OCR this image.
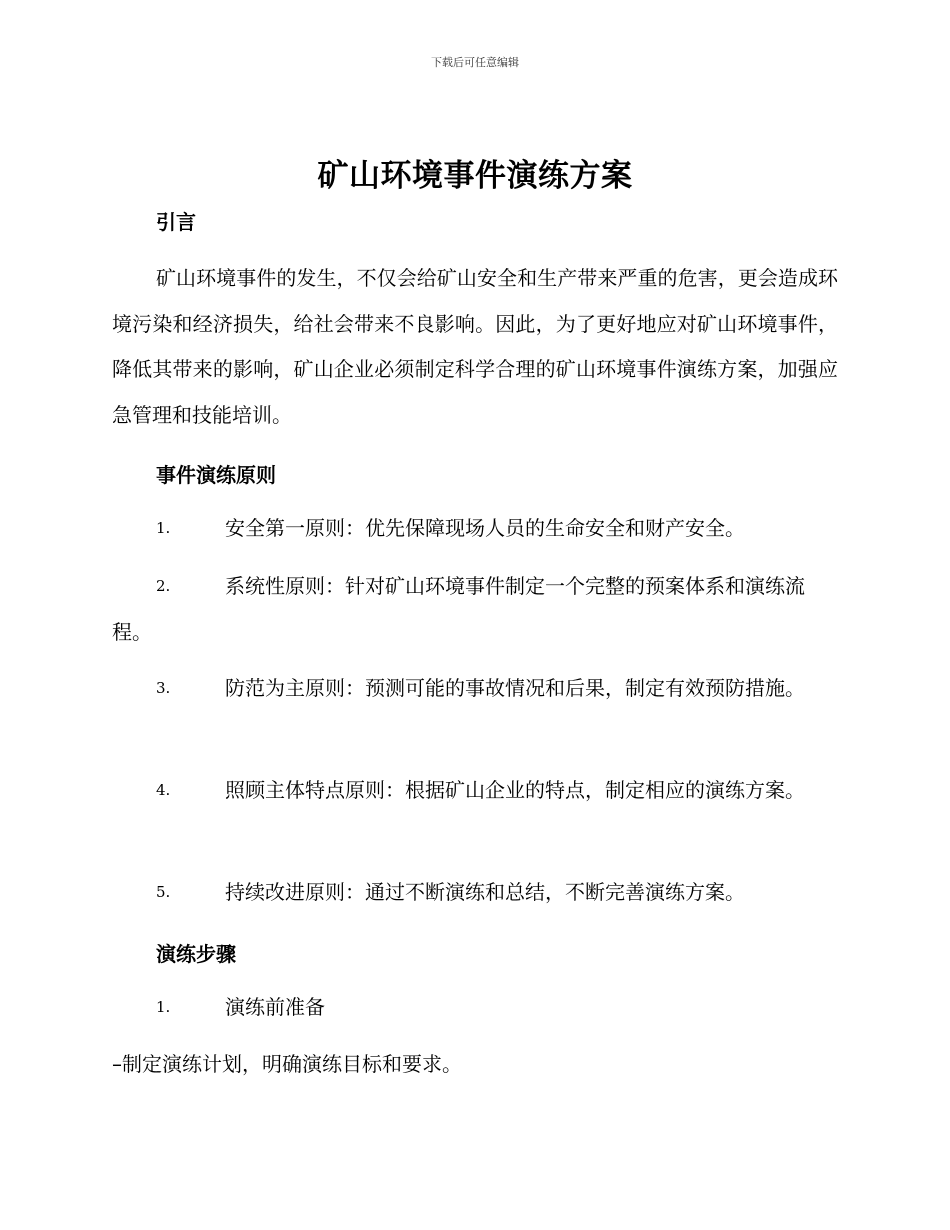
下载后可任意编辑
矿山环境事件演练方案
引言

矿山环境事件的发生，不仅会给矿山安全和生产带来严重的危害，更会造成环境污染和经济损失，给社会带来不良影响。因此，为了更好地应对矿山环境事件，降低其带来的影响，矿山企业必须制定科学合理的矿山环境事件演练方案，加强应急管理和技能培训。

事件演练原则
1.	安全第一原则：优先保障现场人员的生命安全和财产安全。
2.	系统性原则：针对矿山环境事件制定一个完整的预案体系和演练流程。
3.	防范为主原则：预测可能的事故情况和后果，制定有效预防措施。
4.	照顾主体特点原则：根据矿山企业的特点，制定相应的演练方案。
5.	持续改进原则：通过不断演练和总结，不断完善演练方案。
演练步骤
1.	演练前准备

–制定演练计划，明确演练目标和要求。
